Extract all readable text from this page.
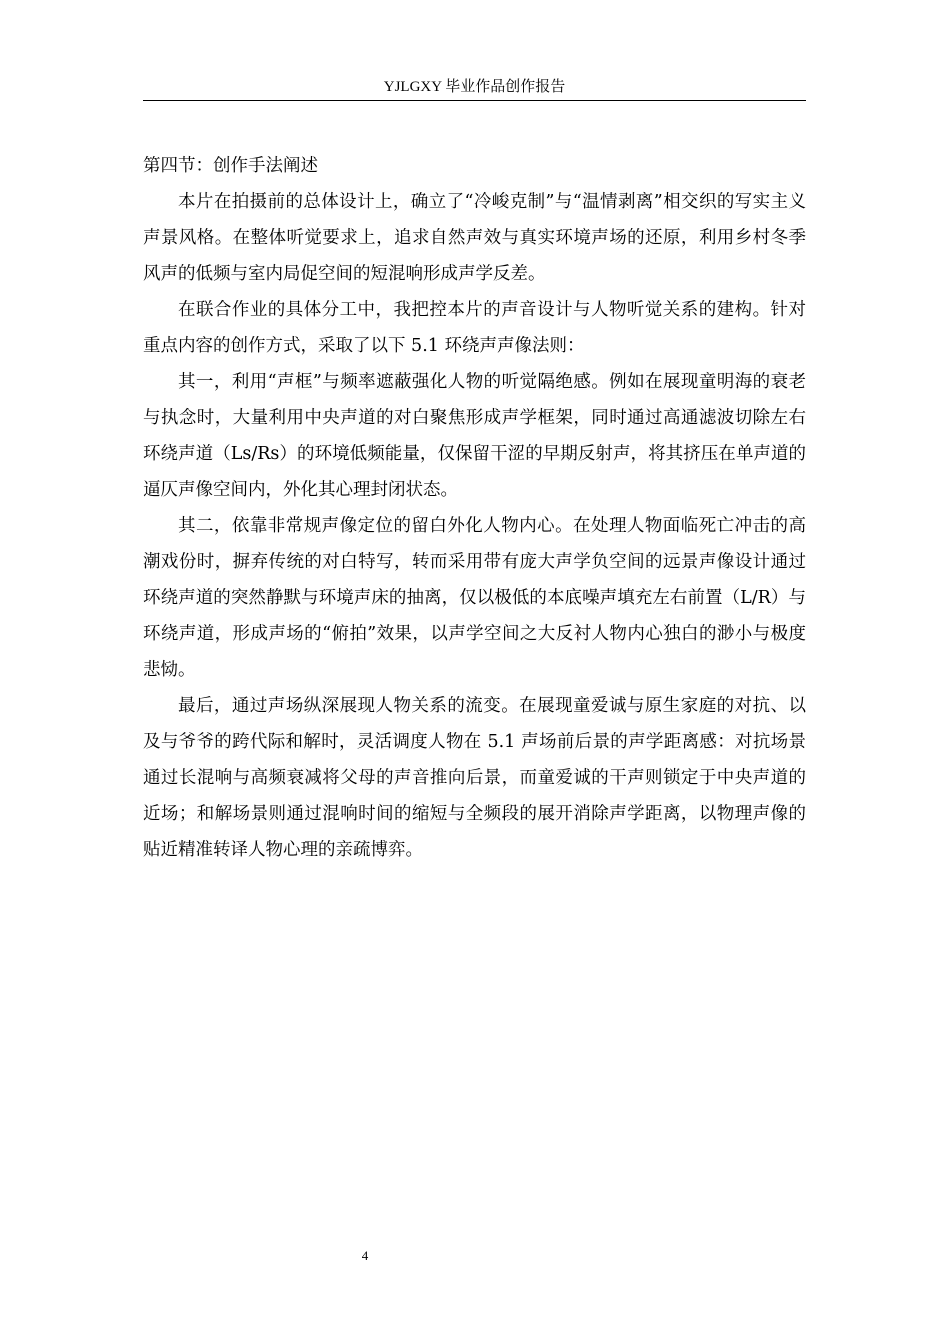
YJLGXY 毕业作品创作报告
第四节：创作手法阐述

本片在拍摄前的总体设计上，确立了“冷峻克制”与“温情剥离”相交织的写实主义声景风格。在整体听觉要求上，追求自然声效与真实环境声场的还原，利用乡村冬季风声的低频与室内局促空间的短混响形成声学反差。

在联合作业的具体分工中，我把控本片的声音设计与人物听觉关系的建构。针对重点内容的创作方式，采取了以下 5.1 环绕声声像法则：

其一，利用“声框”与频率遮蔽强化人物的听觉隔绝感。例如在展现童明海的衰老与执念时，大量利用中央声道的对白聚焦形成声学框架，同时通过高通滤波切除左右环绕声道（Ls/Rs）的环境低频能量，仅保留干涩的早期反射声，将其挤压在单声道的逼仄声像空间内，外化其心理封闭状态。

其二，依靠非常规声像定位的留白外化人物内心。在处理人物面临死亡冲击的高潮戏份时，摒弃传统的对白特写，转而采用带有庞大声学负空间的远景声像设计通过环绕声道的突然静默与环境声床的抽离，仅以极低的本底噪声填充左右前置（L/R）与环绕声道，形成声场的“俯拍”效果，以声学空间之大反衬人物内心独白的渺小与极度悲恸。

最后，通过声场纵深展现人物关系的流变。在展现童爱诚与原生家庭的对抗、以及与爷爷的跨代际和解时，灵活调度人物在 5.1 声场前后景的声学距离感：对抗场景通过长混响与高频衰减将父母的声音推向后景，而童爱诚的干声则锁定于中央声道的近场；和解场景则通过混响时间的缩短与全频段的展开消除声学距离，以物理声像的贴近精准转译人物心理的亲疏博弈。

4
